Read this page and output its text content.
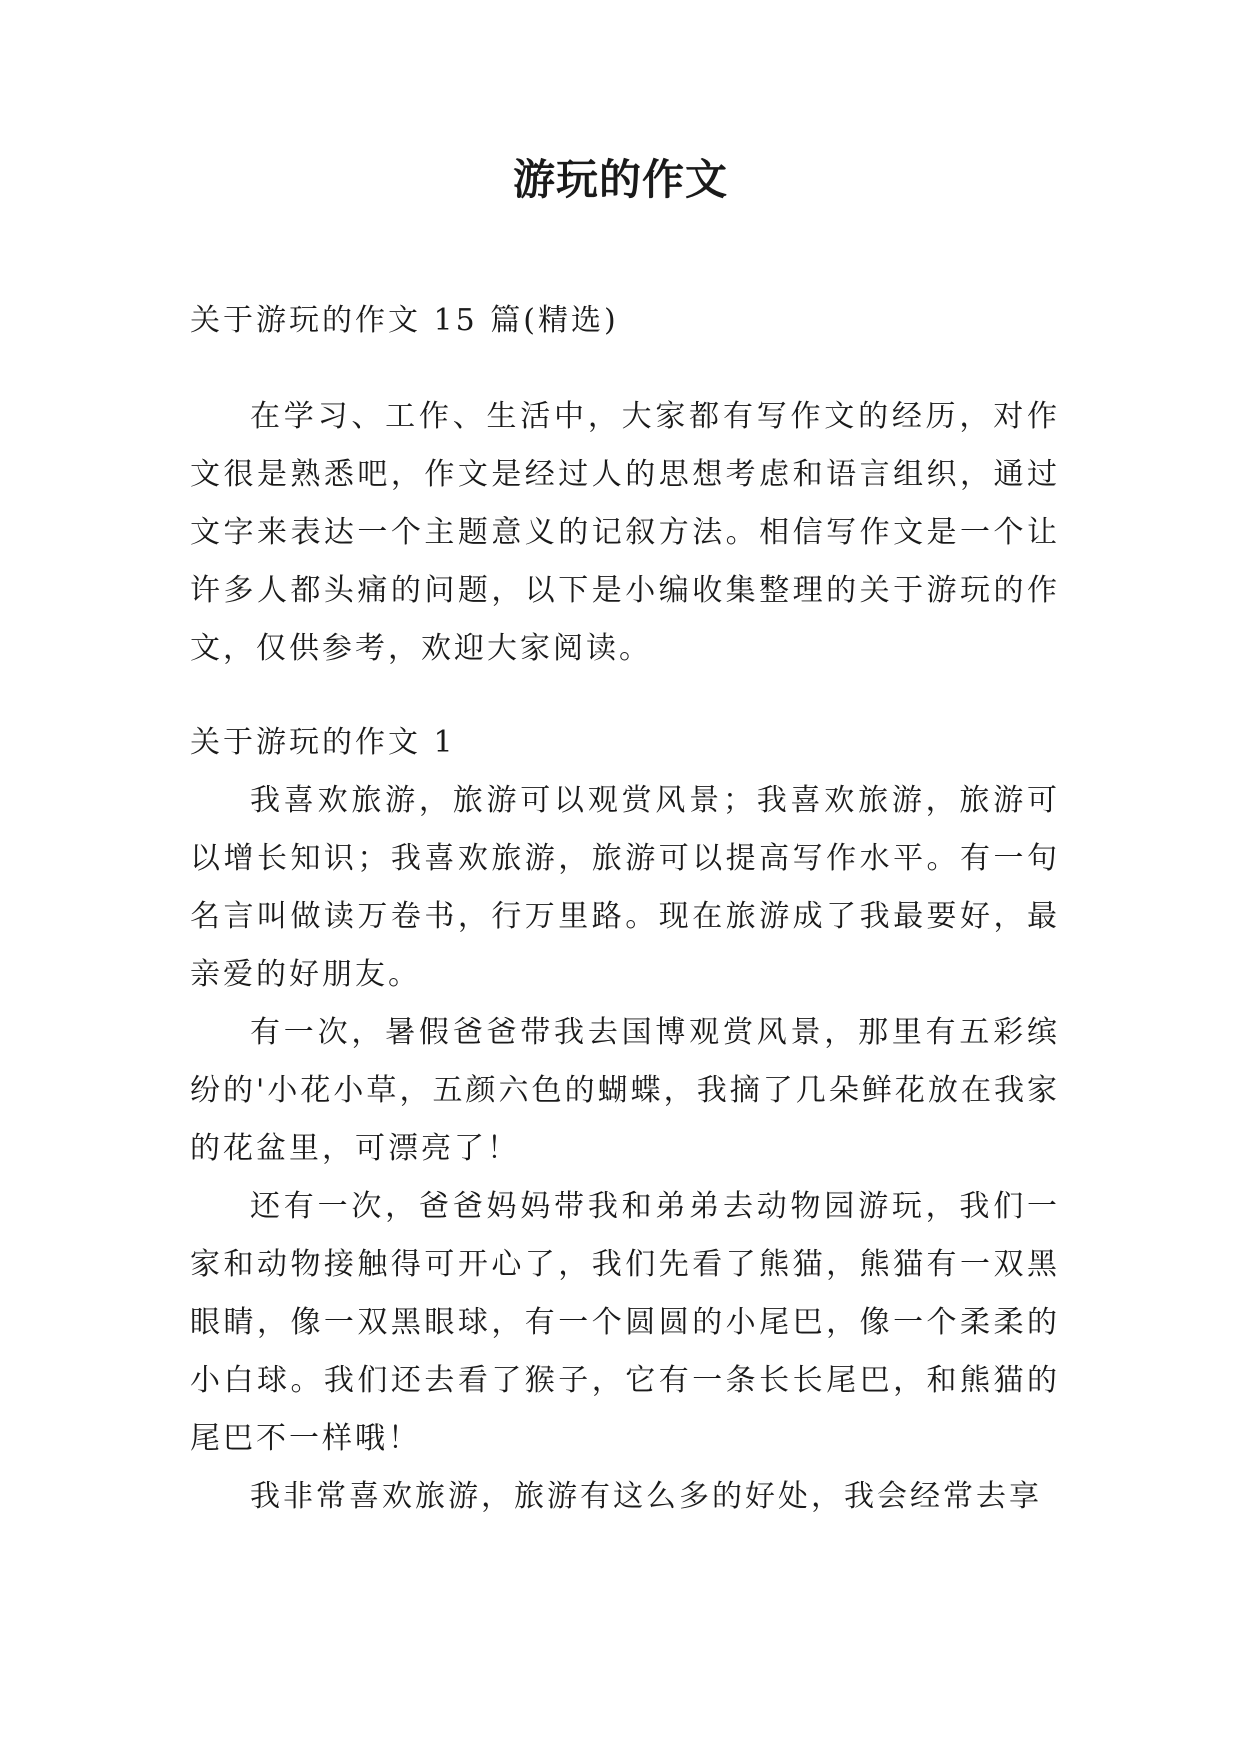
游玩的作文

关于游玩的作文 15 篇(精选)

在学习、工作、生活中，大家都有写作文的经历，对作文很是熟悉吧，作文是经过人的思想考虑和语言组织，通过文字来表达一个主题意义的记叙方法。相信写作文是一个让许多人都头痛的问题，以下是小编收集整理的关于游玩的作文，仅供参考，欢迎大家阅读。

关于游玩的作文 1

我喜欢旅游，旅游可以观赏风景；我喜欢旅游，旅游可以增长知识；我喜欢旅游，旅游可以提高写作水平。有一句名言叫做读万卷书，行万里路。现在旅游成了我最要好，最亲爱的好朋友。

有一次，暑假爸爸带我去国博观赏风景，那里有五彩缤纷的'小花小草，五颜六色的蝴蝶，我摘了几朵鲜花放在我家的花盆里，可漂亮了！

还有一次，爸爸妈妈带我和弟弟去动物园游玩，我们一家和动物接触得可开心了，我们先看了熊猫，熊猫有一双黑眼睛，像一双黑眼球，有一个圆圆的小尾巴，像一个柔柔的小白球。我们还去看了猴子，它有一条长长尾巴，和熊猫的尾巴不一样哦！

我非常喜欢旅游，旅游有这么多的好处，我会经常去享
